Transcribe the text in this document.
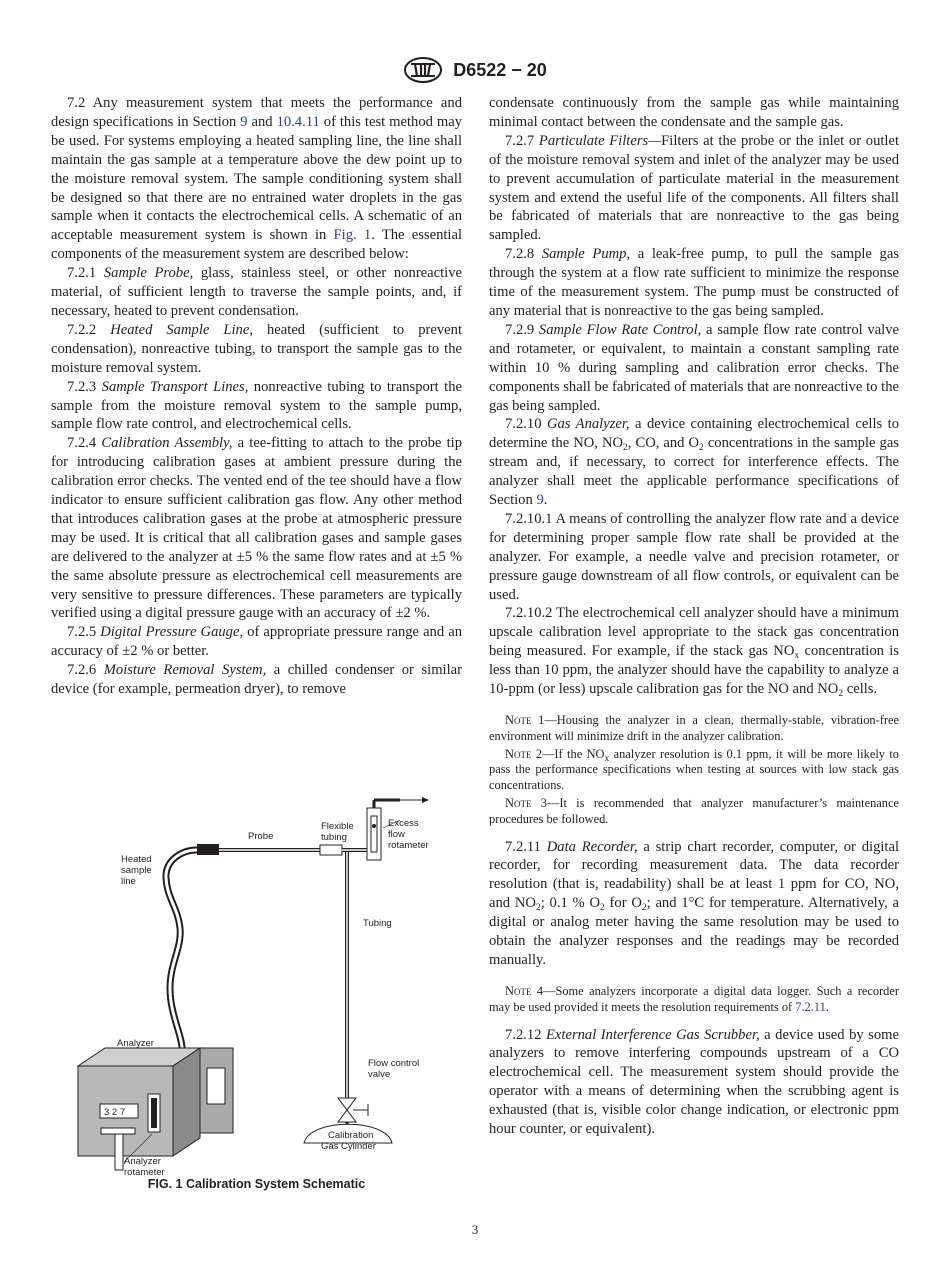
D6522 − 20

7.2 Any measurement system that meets the performance and design specifications in Section 9 and 10.4.11 of this test method may be used. For systems employing a heated sampling line, the line shall maintain the gas sample at a temperature above the dew point up to the moisture removal system. The sample conditioning system shall be designed so that there are no entrained water droplets in the gas sample when it contacts the electrochemical cells. A schematic of an acceptable measurement system is shown in Fig. 1. The essential components of the measurement system are described below:

7.2.1 Sample Probe, glass, stainless steel, or other nonreactive material, of sufficient length to traverse the sample points, and, if necessary, heated to prevent condensation.

7.2.2 Heated Sample Line, heated (sufficient to prevent condensation), nonreactive tubing, to transport the sample gas to the moisture removal system.

7.2.3 Sample Transport Lines, nonreactive tubing to transport the sample from the moisture removal system to the sample pump, sample flow rate control, and electrochemical cells.

7.2.4 Calibration Assembly, a tee-fitting to attach to the probe tip for introducing calibration gases at ambient pressure during the calibration error checks. The vented end of the tee should have a flow indicator to ensure sufficient calibration gas flow. Any other method that introduces calibration gases at the probe at atmospheric pressure may be used. It is critical that all calibration gases and sample gases are delivered to the analyzer at ±5 % the same flow rates and at ±5 % the same absolute pressure as electrochemical cell measurements are very sensitive to pressure differences. These parameters are typically verified using a digital pressure gauge with an accuracy of ±2 %.

7.2.5 Digital Pressure Gauge, of appropriate pressure range and an accuracy of ±2 % or better.

7.2.6 Moisture Removal System, a chilled condenser or similar device (for example, permeation dryer), to remove

condensate continuously from the sample gas while maintaining minimal contact between the condensate and the sample gas.

7.2.7 Particulate Filters—Filters at the probe or the inlet or outlet of the moisture removal system and inlet of the analyzer may be used to prevent accumulation of particulate material in the measurement system and extend the useful life of the components. All filters shall be fabricated of materials that are nonreactive to the gas being sampled.

7.2.8 Sample Pump, a leak-free pump, to pull the sample gas through the system at a flow rate sufficient to minimize the response time of the measurement system. The pump must be constructed of any material that is nonreactive to the gas being sampled.

7.2.9 Sample Flow Rate Control, a sample flow rate control valve and rotameter, or equivalent, to maintain a constant sampling rate within 10 % during sampling and calibration error checks. The components shall be fabricated of materials that are nonreactive to the gas being sampled.

7.2.10 Gas Analyzer, a device containing electrochemical cells to determine the NO, $NO_2$, CO, and $O_2$ concentrations in the sample gas stream and, if necessary, to correct for interference effects. The analyzer shall meet the applicable performance specifications of Section 9.

7.2.10.1 A means of controlling the analyzer flow rate and a device for determining proper sample flow rate shall be provided at the analyzer. For example, a needle valve and precision rotameter, or pressure gauge downstream of all flow controls, or equivalent can be used.

7.2.10.2 The electrochemical cell analyzer should have a minimum upscale calibration level appropriate to the stack gas concentration being measured. For example, if the stack gas $NO_x$ concentration is less than 10 ppm, the analyzer should have the capability to analyze a 10-ppm (or less) upscale calibration gas for the NO and $NO_2$ cells.

Note 1—Housing the analyzer in a clean, thermally-stable, vibration-free environment will minimize drift in the analyzer calibration.

Note 2—If the $NO_x$ analyzer resolution is 0.1 ppm, it will be more likely to pass the performance specifications when testing at sources with low stack gas concentrations.

Note 3—It is recommended that analyzer manufacturer’s maintenance procedures be followed.

7.2.11 Data Recorder, a strip chart recorder, computer, or digital recorder, for recording measurement data. The data recorder resolution (that is, readability) shall be at least 1 ppm for CO, NO, and $NO_2$; 0.1 % $O_2$ for $O_2$; and 1°C for temperature. Alternatively, a digital or analog meter having the same resolution may be used to obtain the analyzer responses and the readings may be recorded manually.

Note 4—Some analyzers incorporate a digital data logger. Such a recorder may be used provided it meets the resolution requirements of 7.2.11.

7.2.12 External Interference Gas Scrubber, a device used by some analyzers to remove interfering compounds upstream of a CO electrochemical cell. The measurement system should provide the operator with a means of determining when the scrubbing agent is exhausted (that is, visible color change indication, or electronic ppm hour counter, or equivalent).

3 2 7
Heated
sample
line
Probe
Flexible
tubing
Excess
flow
rotameter
Tubing
Analyzer
Flow control
valve
Calibration
Gas Cylinder
Analyzer
rotameter
FIG. 1 Calibration System Schematic
3
